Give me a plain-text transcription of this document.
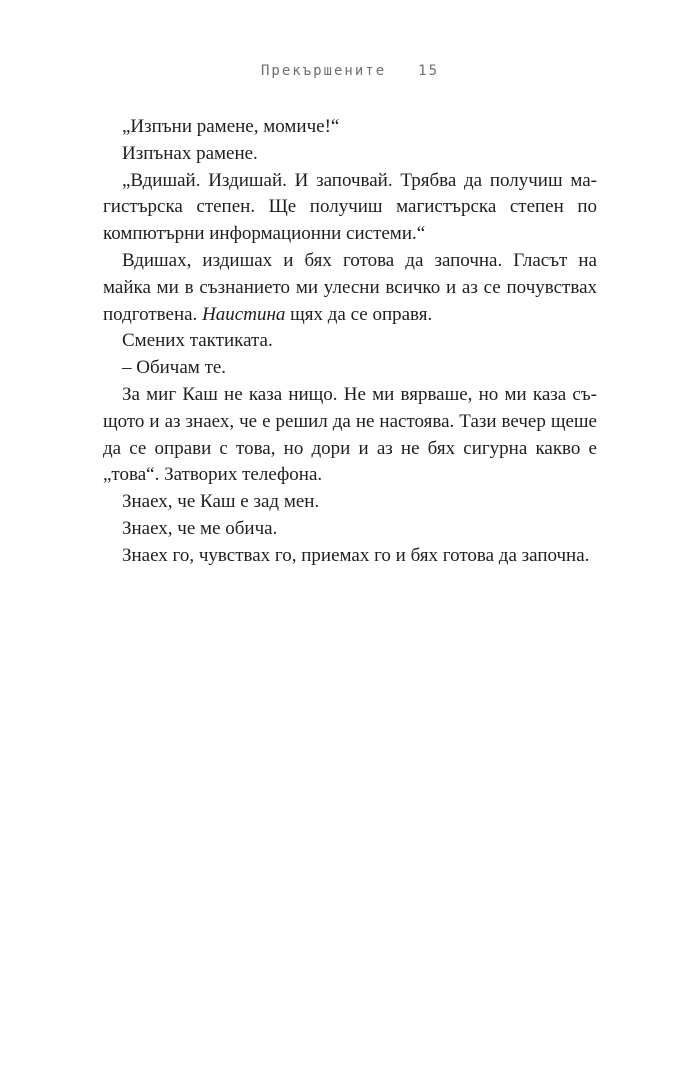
Прекършените 15

„Изпъни рамене, момиче!“

Изпънах рамене.

„Вдишай. Издишай. И започвай. Трябва да получиш магистърска степен. Ще получиш магистърска степен по компютърни информационни системи.“

Вдишах, издишах и бях готова да започна. Гласът на майка ми в съзнанието ми улесни всичко и аз се почувствах подготвена. Наистина щях да се оправя.

Смених тактиката.

– Обичам те.

За миг Каш не каза нищо. Не ми вярваше, но ми каза същото и аз знаех, че е решил да не настоява. Тази вечер щеше да се оправи с това, но дори и аз не бях сигурна какво е „това“. Затворих телефона.

Знаех, че Каш е зад мен.

Знаех, че ме обича.

Знаех го, чувствах го, приемах го и бях готова да започна.
